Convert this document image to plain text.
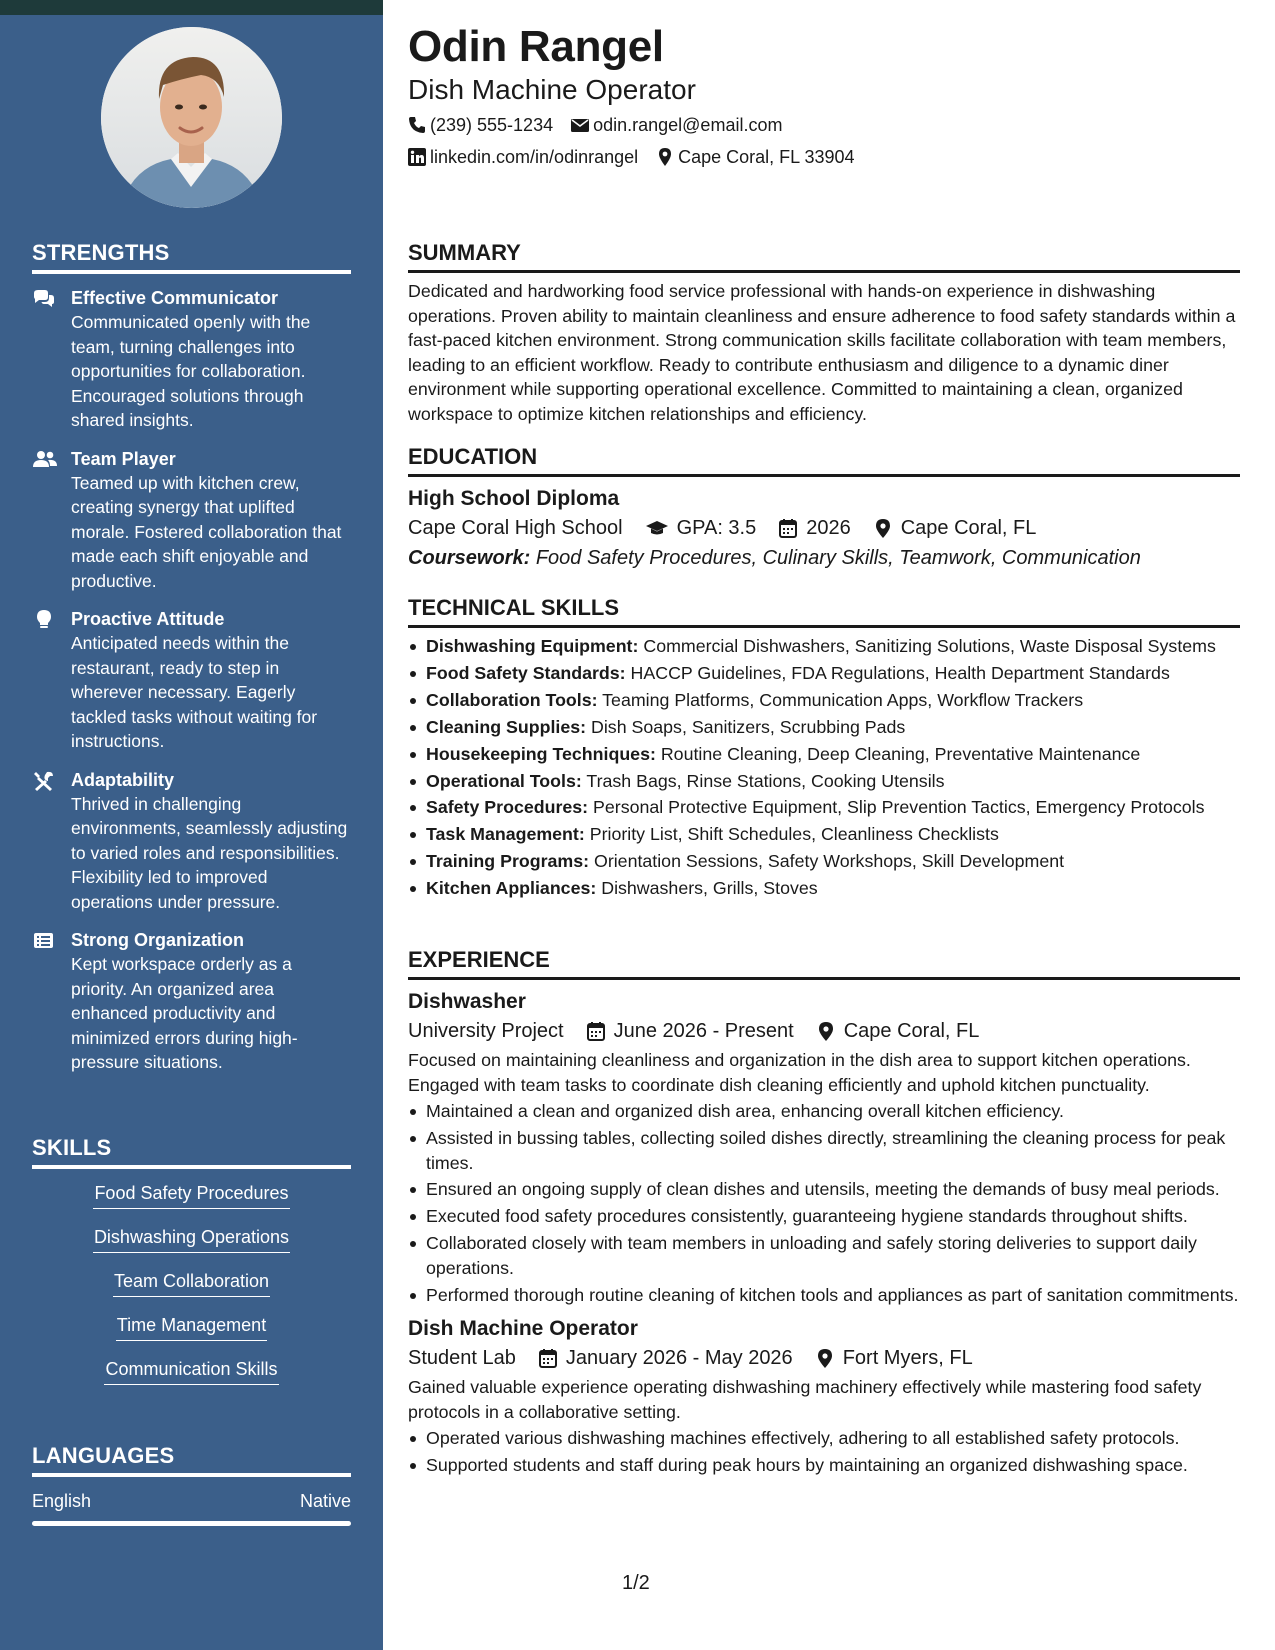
STRENGTHS
Effective Communicator
Communicated openly with the team, turning challenges into opportunities for collaboration. Encouraged solutions through shared insights.
Team Player
Teamed up with kitchen crew, creating synergy that uplifted morale. Fostered collaboration that made each shift enjoyable and productive.
Proactive Attitude
Anticipated needs within the restaurant, ready to step in wherever necessary. Eagerly tackled tasks without waiting for instructions.
Adaptability
Thrived in challenging environments, seamlessly adjusting to varied roles and responsibilities. Flexibility led to improved operations under pressure.
Strong Organization
Kept workspace orderly as a priority. An organized area enhanced productivity and minimized errors during high-pressure situations.
SKILLS
Food Safety Procedures
Dishwashing Operations
Team Collaboration
Time Management
Communication Skills
LANGUAGES
English	Native
Odin Rangel
Dish Machine Operator
(239) 555-1234 odin.rangel@email.com
linkedin.com/in/odinrangel Cape Coral, FL 33904
SUMMARY
Dedicated and hardworking food service professional with hands-on experience in dishwashing operations. Proven ability to maintain cleanliness and ensure adherence to food safety standards within a fast-paced kitchen environment. Strong communication skills facilitate collaboration with team members, leading to an efficient workflow. Ready to contribute enthusiasm and diligence to a dynamic diner environment while supporting operational excellence. Committed to maintaining a clean, organized workspace to optimize kitchen relationships and efficiency.
EDUCATION
High School Diploma
Cape Coral High School	GPA: 3.5	2026	Cape Coral, FL
Coursework: Food Safety Procedures, Culinary Skills, Teamwork, Communication
TECHNICAL SKILLS
Dishwashing Equipment: Commercial Dishwashers, Sanitizing Solutions, Waste Disposal Systems
Food Safety Standards: HACCP Guidelines, FDA Regulations, Health Department Standards
Collaboration Tools: Teaming Platforms, Communication Apps, Workflow Trackers
Cleaning Supplies: Dish Soaps, Sanitizers, Scrubbing Pads
Housekeeping Techniques: Routine Cleaning, Deep Cleaning, Preventative Maintenance
Operational Tools: Trash Bags, Rinse Stations, Cooking Utensils
Safety Procedures: Personal Protective Equipment, Slip Prevention Tactics, Emergency Protocols
Task Management: Priority List, Shift Schedules, Cleanliness Checklists
Training Programs: Orientation Sessions, Safety Workshops, Skill Development
Kitchen Appliances: Dishwashers, Grills, Stoves
EXPERIENCE
Dishwasher
University Project	June 2026 - Present	Cape Coral, FL
Focused on maintaining cleanliness and organization in the dish area to support kitchen operations. Engaged with team tasks to coordinate dish cleaning efficiently and uphold kitchen punctuality.
Maintained a clean and organized dish area, enhancing overall kitchen efficiency.
Assisted in bussing tables, collecting soiled dishes directly, streamlining the cleaning process for peak times.
Ensured an ongoing supply of clean dishes and utensils, meeting the demands of busy meal periods.
Executed food safety procedures consistently, guaranteeing hygiene standards throughout shifts.
Collaborated closely with team members in unloading and safely storing deliveries to support daily operations.
Performed thorough routine cleaning of kitchen tools and appliances as part of sanitation commitments.
Dish Machine Operator
Student Lab	January 2026 - May 2026	Fort Myers, FL
Gained valuable experience operating dishwashing machinery effectively while mastering food safety protocols in a collaborative setting.
Operated various dishwashing machines effectively, adhering to all established safety protocols.
Supported students and staff during peak hours by maintaining an organized dishwashing space.
1/2
